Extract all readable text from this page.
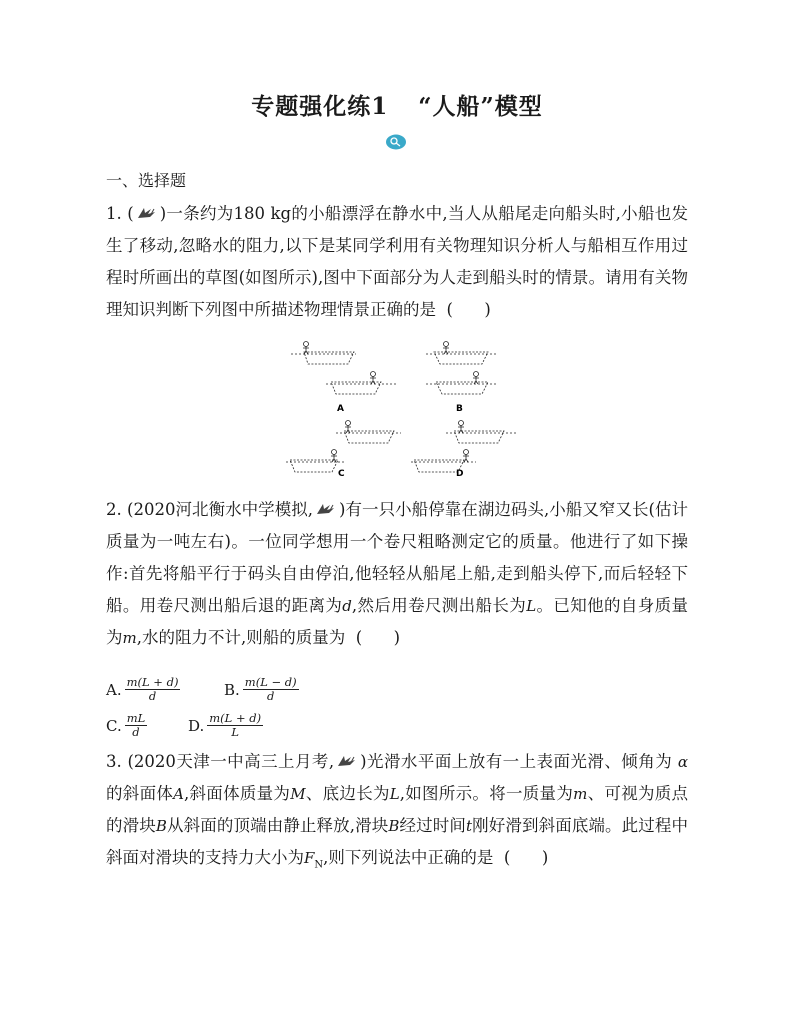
专题强化练1 “人船”模型
一、选择题
1. ( )一条约为180 kg的小船漂浮在静水中,当人从船尾走向船头时,小船也发生了移动,忽略水的阻力,以下是某同学利用有关物理知识分析人与船相互作用过程时所画出的草图(如图所示),图中下面部分为人走到船头时的情景。请用有关物理知识判断下列图中所描述物理情景正确的是  (      )
A	B
C	D
2. (2020河北衡水中学模拟, )有一只小船停靠在湖边码头,小船又窄又长(估计质量为一吨左右)。一位同学想用一个卷尺粗略测定它的质量。他进行了如下操作:首先将船平行于码头自由停泊,他轻轻从船尾上船,走到船头停下,而后轻轻下船。用卷尺测出船后退的距离为d,然后用卷尺测出船长为L。已知他的自身质量为m,水的阻力不计,则船的质量为  (      )
A. $\frac{m(L + d)}{d}$	B. $\frac{m(L - d)}{d}$
C. $\frac{mL}{d}$	D. $\frac{m(L + d)}{L}$
3. (2020天津一中高三上月考, )光滑水平面上放有一上表面光滑、倾角为 α 的斜面体A,斜面体质量为M、底边长为L,如图所示。将一质量为m、可视为质点的滑块B从斜面的顶端由静止释放,滑块B经过时间t刚好滑到斜面底端。此过程中斜面对滑块的支持力大小为$F_N$,则下列说法中正确的是  (      )
